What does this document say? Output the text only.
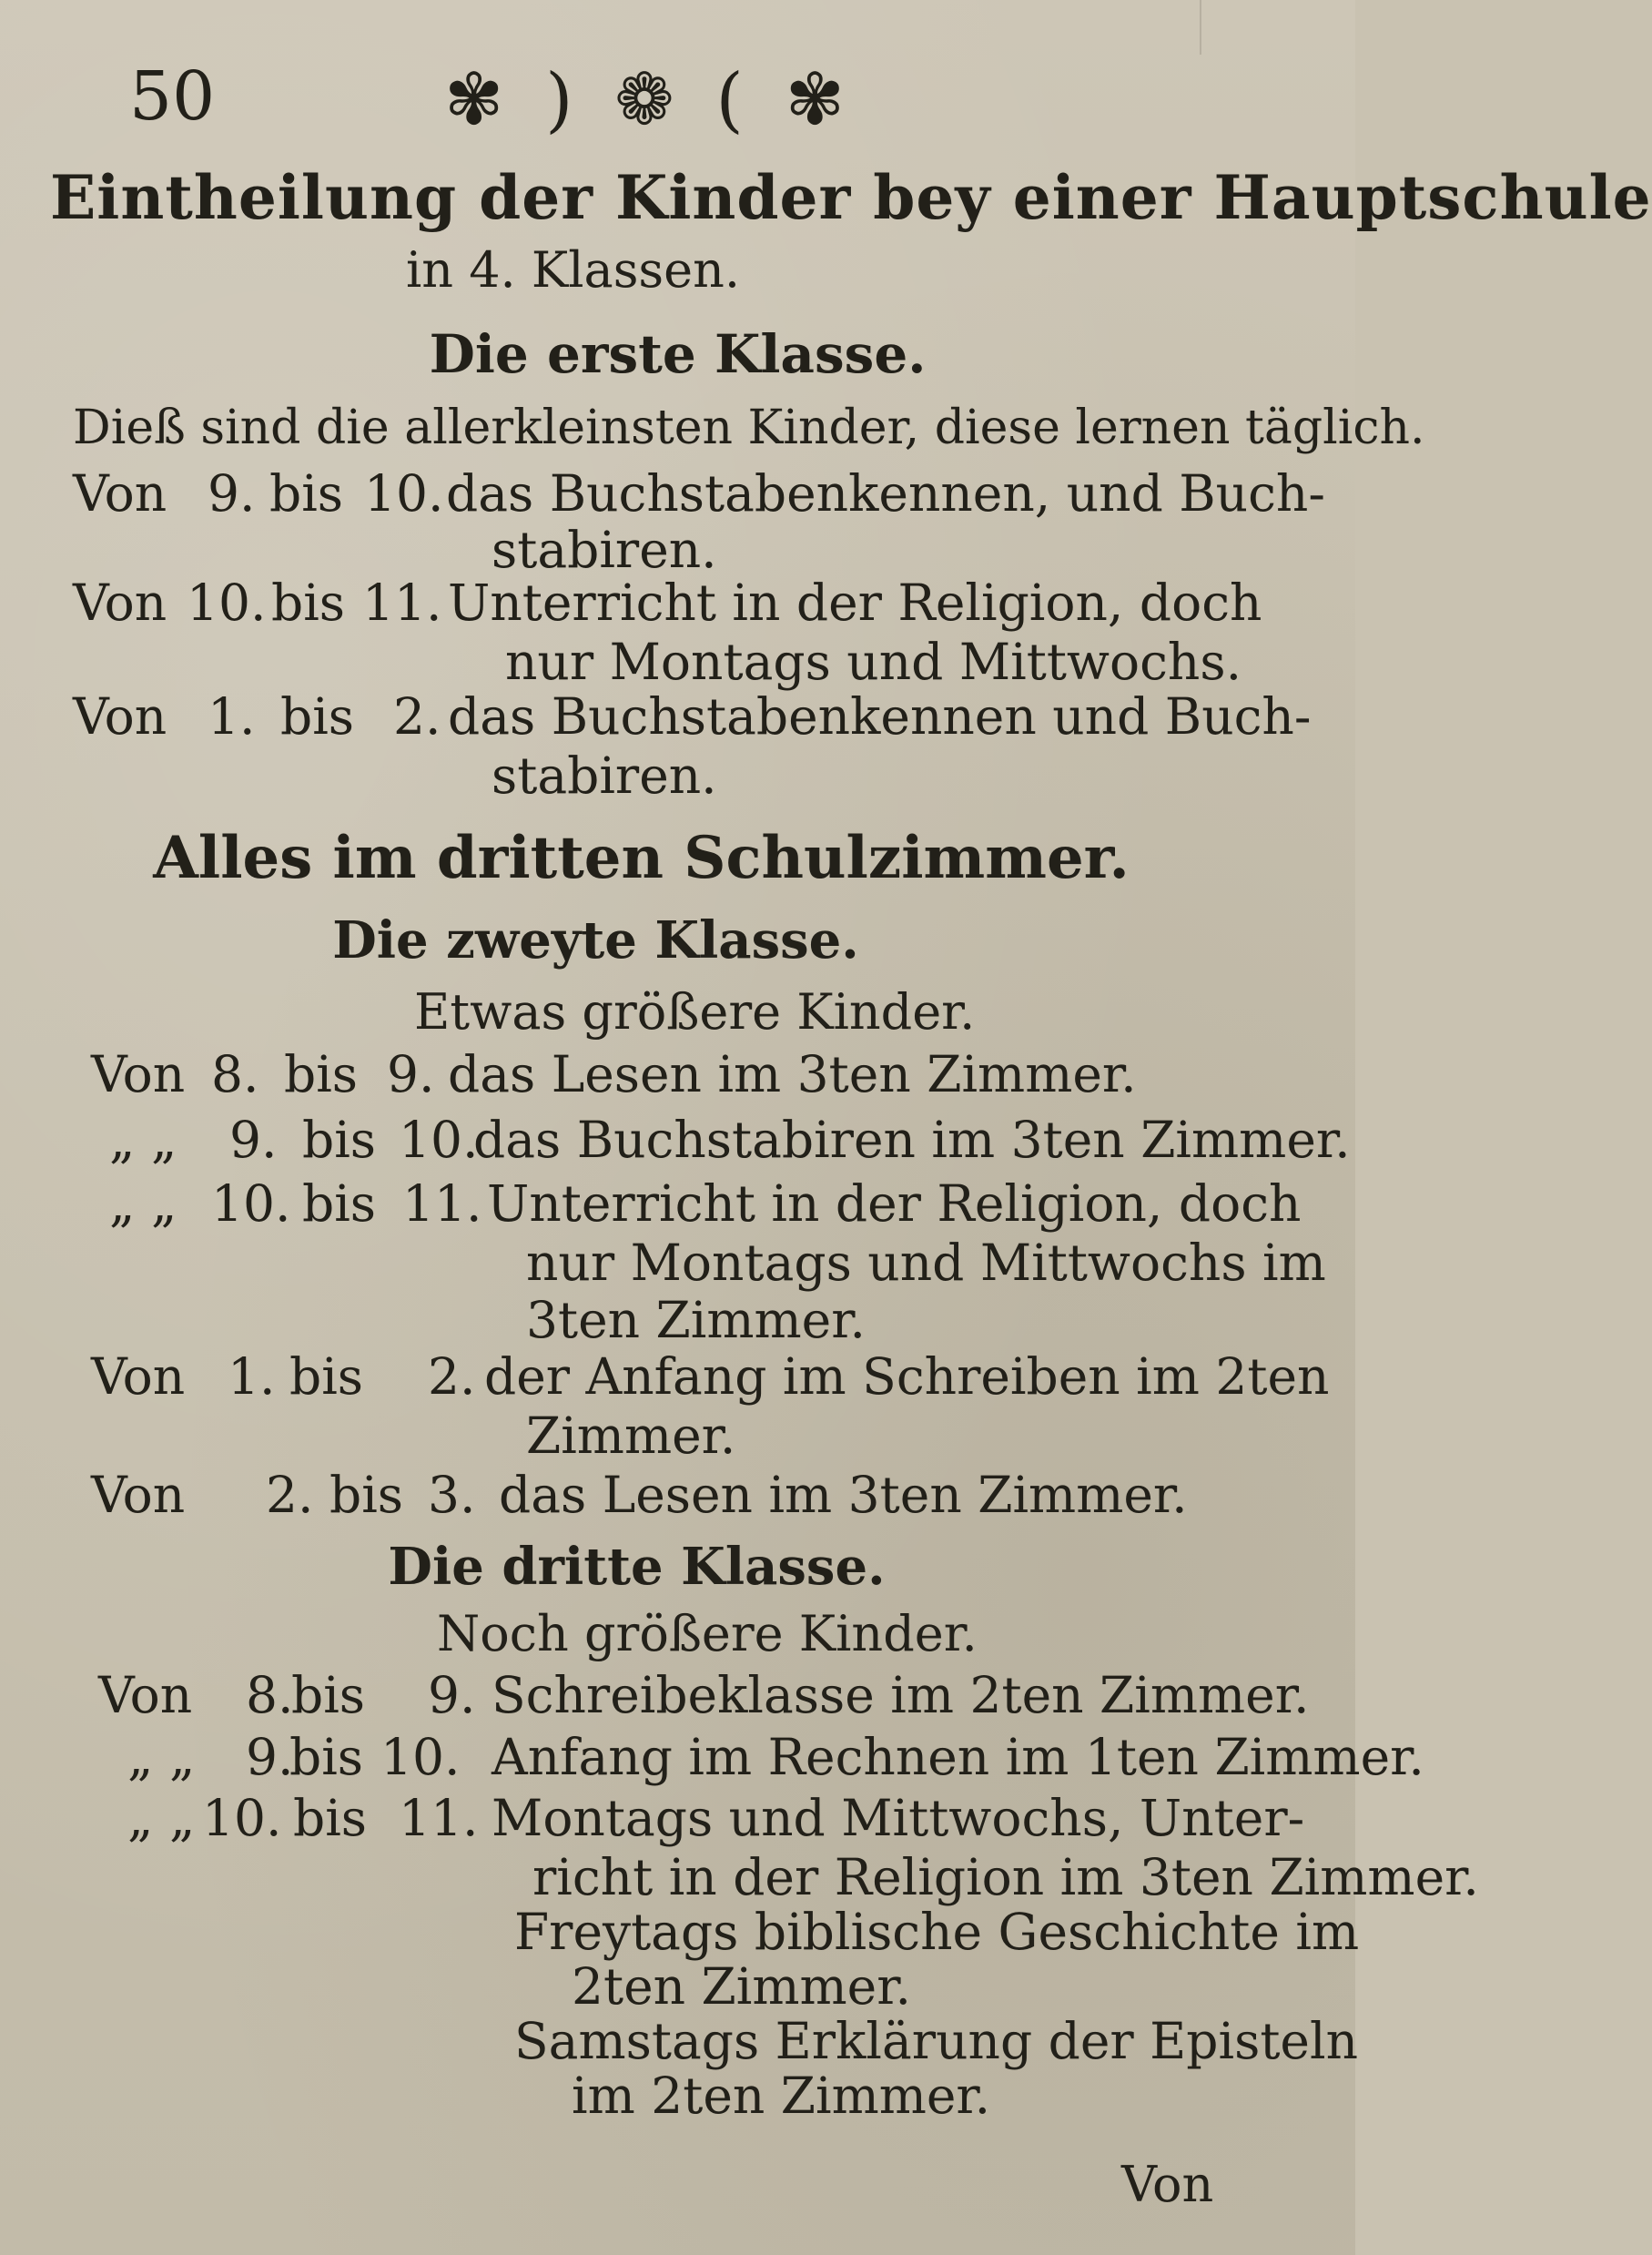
50	✾ ) ❁ ( ✾
Eintheilung der Kinder bey einer Hauptschule
in 4. Klassen.
Die erste Klasse.
Dieß sind die allerkleinsten Kinder, diese lernen täglich.
Von 9. bis 10. das Buchstabenkennen, und Buch-
stabiren.
Von 10. bis 11. Unterricht in der Religion, doch
nur Montags und Mittwochs.
Von 1. bis 2. das Buchstabenkennen und Buch-
stabiren.
Alles im dritten Schulzimmer.
Die zweyte Klasse.
Etwas größere Kinder.
Von 8. bis 9. das Lesen im 3ten Zimmer.
„ „ 9. bis 10.
das Buchstabiren im 3ten Zimmer.
„ „ 10. bis 11. Unterricht in der Religion, doch
nur Montags und Mittwochs im
3ten Zimmer.
Von 1. bis 2. der Anfang im Schreiben im 2ten
Zimmer.
Von 2. bis 3. das Lesen im 3ten Zimmer.
Die dritte Klasse.
Noch größere Kinder.
Von 8.
bis 9. Schreibeklasse im 2ten Zimmer.
„ „ 9.
bis 10. Anfang im Rechnen im 1ten Zimmer.
„ „ 10. bis 11. Montags und Mittwochs, Unter-
richt in der Religion im 3ten Zimmer.
Freytags biblische Geschichte im
2ten Zimmer.
Samstags Erklärung der Episteln
im 2ten Zimmer.
Von
